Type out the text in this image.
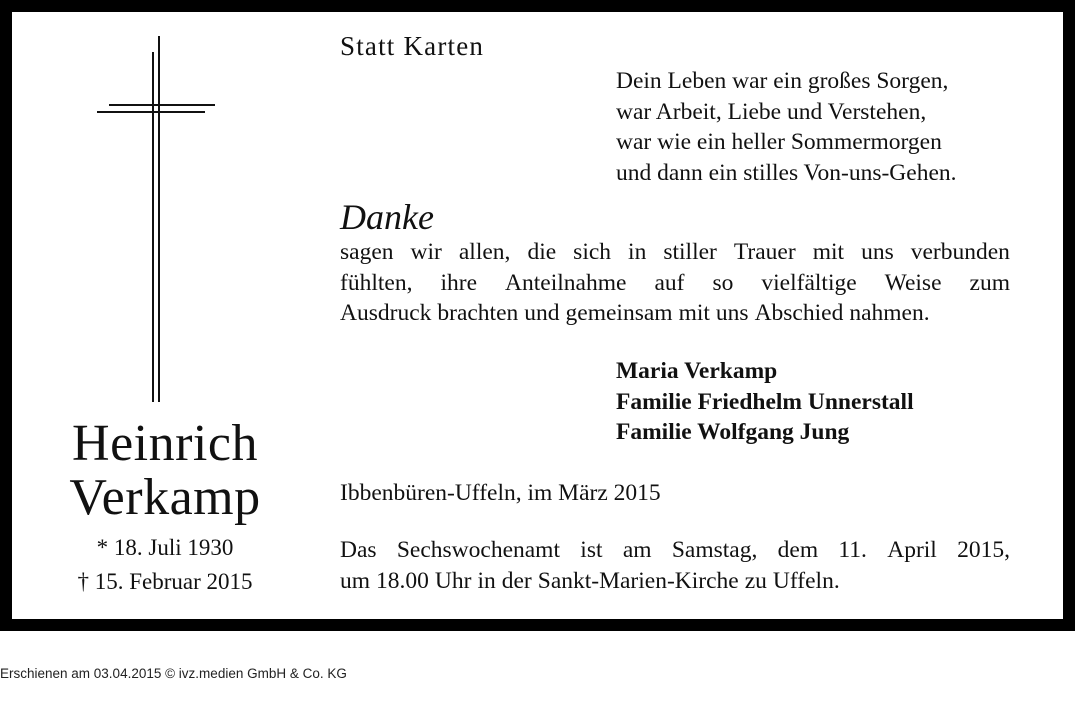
Heinrich
Verkamp
* 18. Juli 1930
† 15. Februar 2015
Statt Karten
Dein Leben war ein großes Sorgen,
war Arbeit, Liebe und Verstehen,
war wie ein heller Sommermorgen
und dann ein stilles Von-uns-Gehen.
Danke
sagen wir allen, die sich in stiller Trauer mit uns verbunden
fühlten, ihre Anteilnahme auf so vielfältige Weise zum
Ausdruck brachten und gemeinsam mit uns Abschied nahmen.
Maria Verkamp
Familie Friedhelm Unnerstall
Familie Wolfgang Jung
Ibbenbüren-Uffeln, im März 2015
Das Sechswochenamt ist am Samstag, dem 11. April 2015,
um 18.00 Uhr in der Sankt-Marien-Kirche zu Uffeln.
Erschienen am 03.04.2015 © ivz.medien GmbH & Co. KG
